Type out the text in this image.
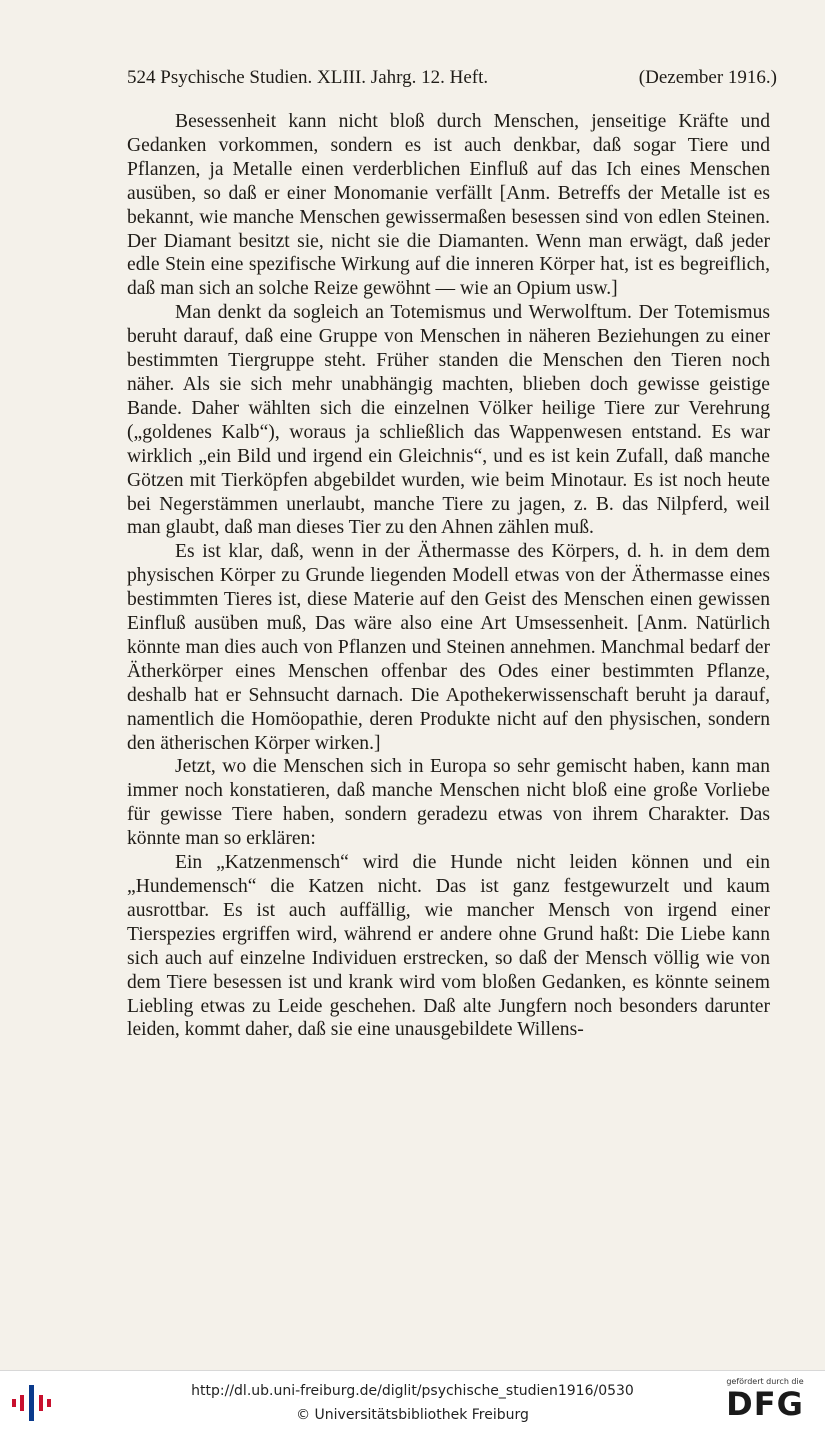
524 Psychische Studien. XLIII. Jahrg. 12. Heft.	(Dezember 1916.)

Besessenheit kann nicht bloß durch Menschen, jenseitige Kräfte und Gedanken vorkommen, sondern es ist auch denkbar, daß sogar Tiere und Pflanzen, ja Metalle einen verderblichen Einfluß auf das Ich eines Menschen ausüben, so daß er einer Monomanie verfällt [Anm. Betreffs der Metalle ist es bekannt, wie manche Menschen gewissermaßen besessen sind von edlen Steinen. Der Diamant besitzt sie, nicht sie die Diamanten. Wenn man erwägt, daß jeder edle Stein eine spezifische Wirkung auf die inneren Körper hat, ist es begreiflich, daß man sich an solche Reize gewöhnt — wie an Opium usw.]

Man denkt da sogleich an Totemismus und Werwolftum. Der Totemismus beruht darauf, daß eine Gruppe von Menschen in näheren Beziehungen zu einer bestimmten Tiergruppe steht. Früher standen die Menschen den Tieren noch näher. Als sie sich mehr unabhängig machten, blieben doch gewisse geistige Bande. Daher wählten sich die einzelnen Völker heilige Tiere zur Verehrung („goldenes Kalb“), woraus ja schließlich das Wappenwesen entstand. Es war wirklich „ein Bild und irgend ein Gleichnis“, und es ist kein Zufall, daß manche Götzen mit Tierköpfen abgebildet wurden, wie beim Minotaur. Es ist noch heute bei Negerstämmen unerlaubt, manche Tiere zu jagen, z. B. das Nilpferd, weil man glaubt, daß man dieses Tier zu den Ahnen zählen muß.

Es ist klar, daß, wenn in der Äthermasse des Körpers, d. h. in dem dem physischen Körper zu Grunde liegenden Modell etwas von der Äthermasse eines bestimmten Tieres ist, diese Materie auf den Geist des Menschen einen gewissen Einfluß ausüben muß, Das wäre also eine Art Umsessenheit. [Anm. Natürlich könnte man dies auch von Pflanzen und Steinen annehmen. Manchmal bedarf der Ätherkörper eines Menschen offenbar des Odes einer bestimmten Pflanze, deshalb hat er Sehnsucht darnach. Die Apothekerwissenschaft beruht ja darauf, namentlich die Homöopathie, deren Produkte nicht auf den physischen, sondern den ätherischen Körper wirken.]

Jetzt, wo die Menschen sich in Europa so sehr gemischt haben, kann man immer noch konstatieren, daß manche Menschen nicht bloß eine große Vorliebe für gewisse Tiere haben, sondern geradezu etwas von ihrem Charakter. Das könnte man so erklären:

Ein „Katzenmensch“ wird die Hunde nicht leiden können und ein „Hundemensch“ die Katzen nicht. Das ist ganz festgewurzelt und kaum ausrottbar. Es ist auch auffällig, wie mancher Mensch von irgend einer Tierspezies ergriffen wird, während er andere ohne Grund haßt: Die Liebe kann sich auch auf einzelne Individuen erstrecken, so daß der Mensch völlig wie von dem Tiere besessen ist und krank wird vom bloßen Gedanken, es könnte seinem Liebling etwas zu Leide geschehen. Daß alte Jungfern noch besonders darunter leiden, kommt daher, daß sie eine unausgebildete Willens-

http://dl.ub.uni-freiburg.de/diglit/psychische_studien1916/0530
© Universitätsbibliothek Freiburg
gefördert durch die
DFG
